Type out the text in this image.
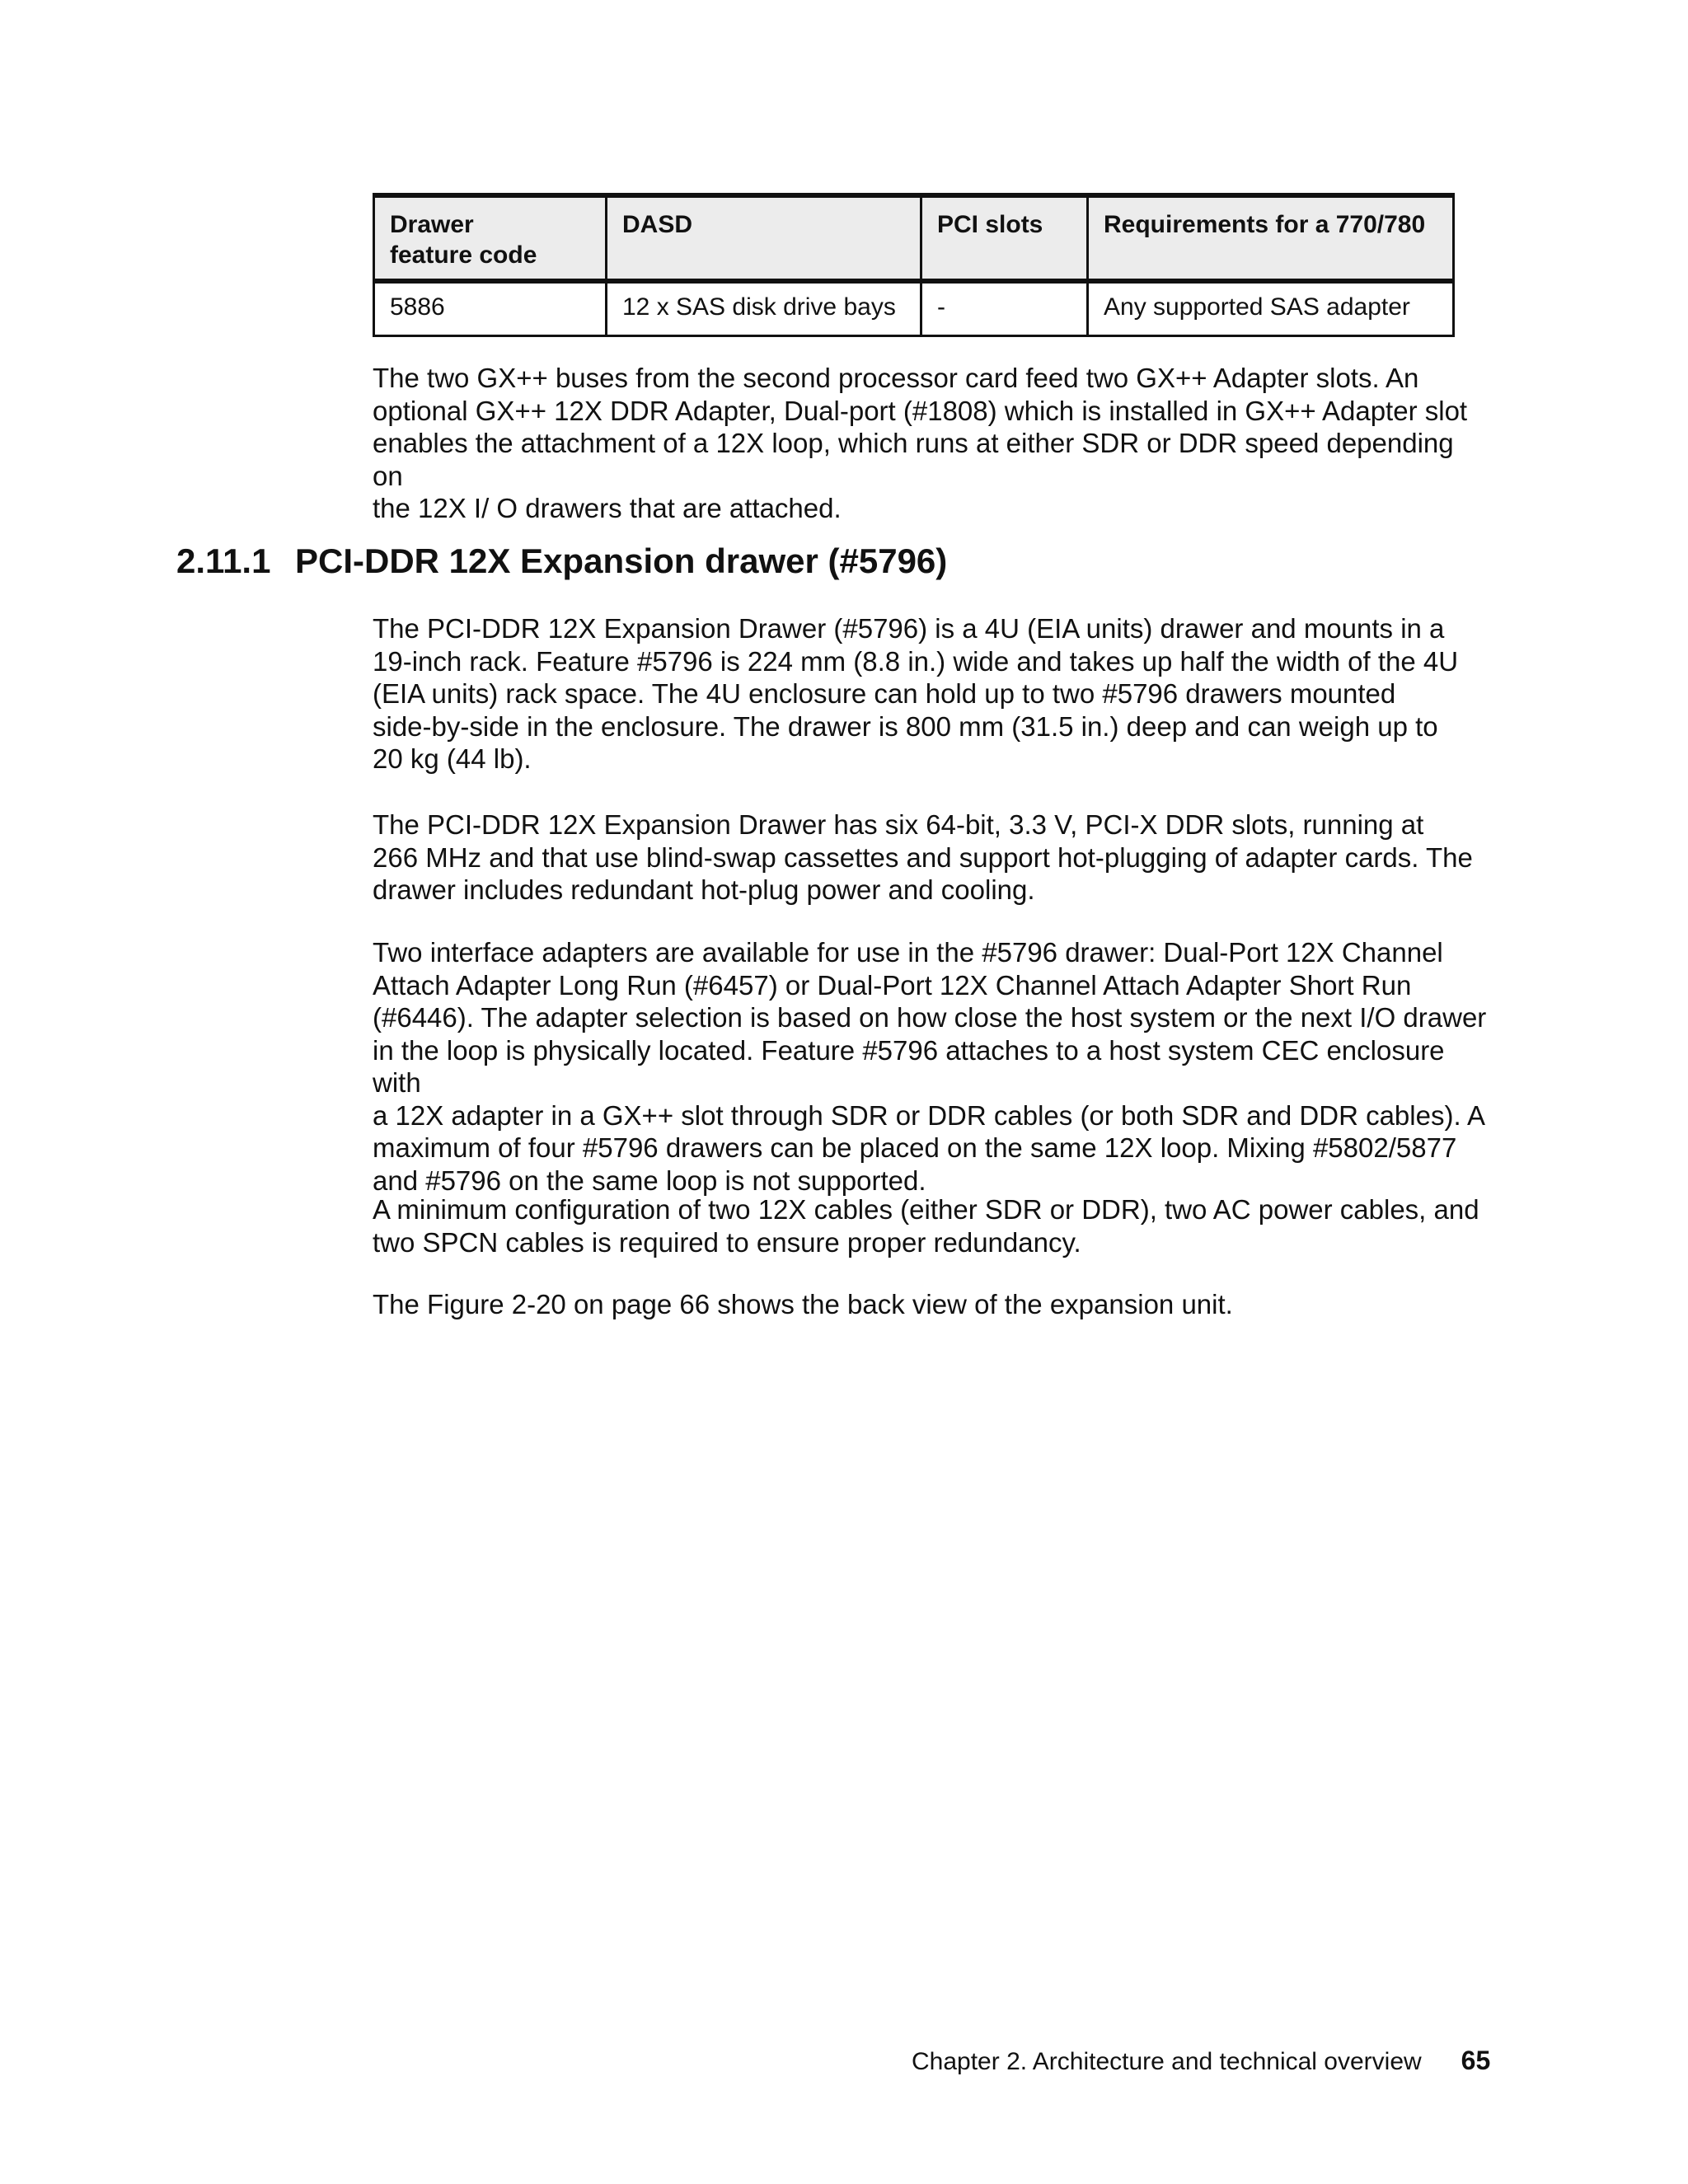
Drawer
feature code	DASD	PCI slots	Requirements for a 770/780
5886	12 x SAS disk drive bays	-	Any supported SAS adapter

The two GX++ buses from the second processor card feed two GX++ Adapter slots. An
optional GX++ 12X DDR Adapter, Dual-port (#1808) which is installed in GX++ Adapter slot
enables the attachment of a 12X loop, which runs at either SDR or DDR speed depending on
the 12X I/ O drawers that are attached.

2.11.1 PCI-DDR 12X Expansion drawer (#5796)

The PCI-DDR 12X Expansion Drawer (#5796) is a 4U (EIA units) drawer and mounts in a
19-inch rack. Feature #5796 is 224 mm (8.8 in.) wide and takes up half the width of the 4U
(EIA units) rack space. The 4U enclosure can hold up to two #5796 drawers mounted
side-by-side in the enclosure. The drawer is 800 mm (31.5 in.) deep and can weigh up to
20 kg (44 lb).

The PCI-DDR 12X Expansion Drawer has six 64-bit, 3.3 V, PCI-X DDR slots, running at
266 MHz and that use blind-swap cassettes and support hot-plugging of adapter cards. The
drawer includes redundant hot-plug power and cooling.

Two interface adapters are available for use in the #5796 drawer: Dual-Port 12X Channel
Attach Adapter Long Run (#6457) or Dual-Port 12X Channel Attach Adapter Short Run
(#6446). The adapter selection is based on how close the host system or the next I/O drawer
in the loop is physically located. Feature #5796 attaches to a host system CEC enclosure with
a 12X adapter in a GX++ slot through SDR or DDR cables (or both SDR and DDR cables). A
maximum of four #5796 drawers can be placed on the same 12X loop. Mixing #5802/5877
and #5796 on the same loop is not supported.

A minimum configuration of two 12X cables (either SDR or DDR), two AC power cables, and
two SPCN cables is required to ensure proper redundancy.

The Figure 2-20 on page 66 shows the back view of the expansion unit.

Chapter 2. Architecture and technical overview 65
